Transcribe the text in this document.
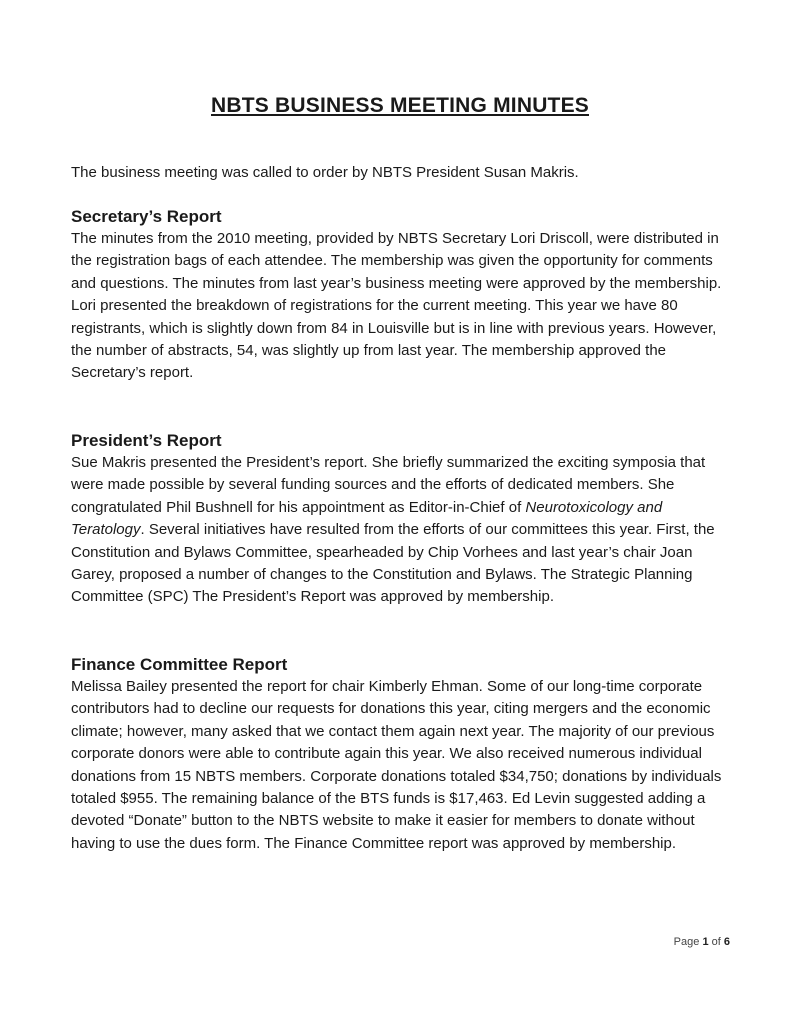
NBTS BUSINESS MEETING MINUTES
The business meeting was called to order by NBTS President Susan Makris.
Secretary’s Report

The minutes from the 2010 meeting, provided by NBTS Secretary Lori Driscoll, were distributed in the registration bags of each attendee. The membership was given the opportunity for comments and questions. The minutes from last year’s business meeting were approved by the membership. Lori presented the breakdown of registrations for the current meeting. This year we have 80 registrants, which is slightly down from 84 in Louisville but is in line with previous years. However, the number of abstracts, 54, was slightly up from last year. The membership approved the Secretary’s report.

President’s Report

Sue Makris presented the President’s report. She briefly summarized the exciting symposia that were made possible by several funding sources and the efforts of dedicated members. She congratulated Phil Bushnell for his appointment as Editor-in-Chief of Neurotoxicology and Teratology. Several initiatives have resulted from the efforts of our committees this year. First, the Constitution and Bylaws Committee, spearheaded by Chip Vorhees and last year’s chair Joan Garey, proposed a number of changes to the Constitution and Bylaws. The Strategic Planning Committee (SPC) The President’s Report was approved by membership.

Finance Committee Report

Melissa Bailey presented the report for chair Kimberly Ehman. Some of our long-time corporate contributors had to decline our requests for donations this year, citing mergers and the economic climate; however, many asked that we contact them again next year. The majority of our previous corporate donors were able to contribute again this year. We also received numerous individual donations from 15 NBTS members. Corporate donations totaled $34,750; donations by individuals totaled $955. The remaining balance of the BTS funds is $17,463. Ed Levin suggested adding a devoted “Donate” button to the NBTS website to make it easier for members to donate without having to use the dues form. The Finance Committee report was approved by membership.

Page 1 of 6
